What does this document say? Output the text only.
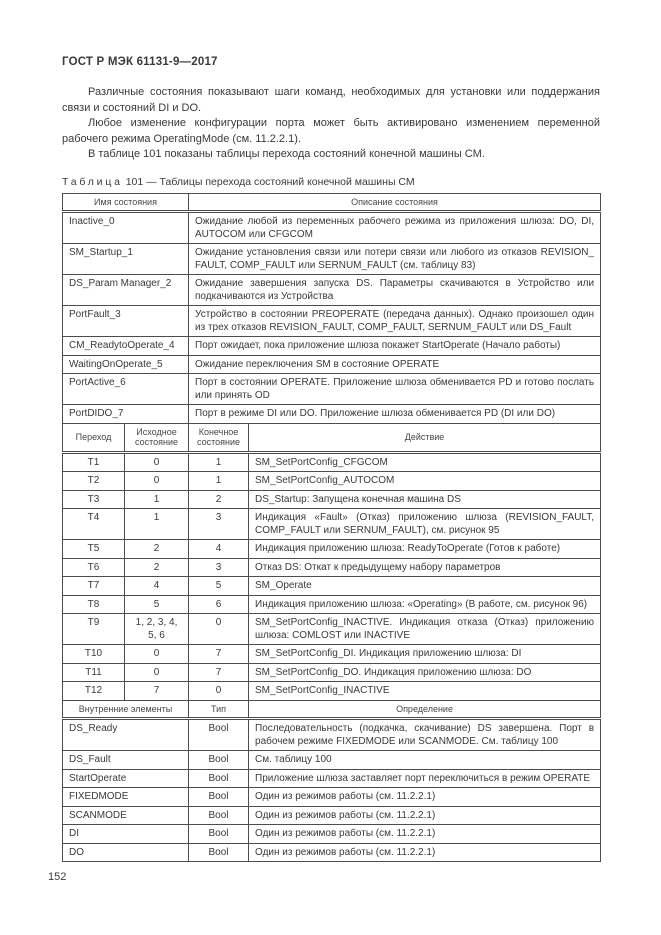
ГОСТ Р МЭК 61131-9—2017

Различные состояния показывают шаги команд, необходимых для установки или поддержания связи и состояний DI и DO.

Любое изменение конфигурации порта может быть активировано изменением переменной рабочего режима OperatingMode (см. 11.2.2.1).

В таблице 101 показаны таблицы перехода состояний конечной машины СМ.

Таблица 101 — Таблицы перехода состояний конечной машины СМ
Имя состояния		Описание состояния	
Inactive_0		Ожидание любой из переменных рабочего режима из приложения шлюза: DO, DI, AUTOCOM или CFGCOM	
SM_Startup_1		Ожидание установления связи или потери связи или любого из отказов REVISION_ FAULT, COMP_FAULT или SERNUM_FAULT (см. таблицу 83)	
DS_Param Manager_2		Ожидание завершения запуска DS. Параметры скачиваются в Устройство или подкачиваются из Устройства	
PortFault_3		Устройство в состоянии PREOPERATE (передача данных). Однако произошел один из трех отказов REVISION_FAULT, COMP_FAULT, SERNUM_FAULT или DS_Fault	
CM_ReadytoOperate_4		Порт ожидает, пока приложение шлюза покажет StartOperate (Начало работы)	
WaitingOnOperate_5		Ожидание переключения SM в состояние OPERATE	
PortActive_6		Порт в состоянии OPERATE. Приложение шлюза обменивается PD и готово послать или принять OD	
PortDIDO_7		Порт в режиме DI или DO. Приложение шлюза обменивается PD (DI или DO)	
Переход	Исходное состояние	Конечное состояние	Действие
T1	0	1	SM_SetPortConfig_CFGCOM
T2	0	1	SM_SetPortConfig_AUTOCOM
T3	1	2	DS_Startup: Запущена конечная машина DS
T4	1	3	Индикация «Fault» (Отказ) приложению шлюза (REVISION_FAULT, COMP_FAULT или SERNUM_FAULT), см. рисунок 95
T5	2	4	Индикация приложению шлюза: ReadyToOperate (Готов к работе)
T6	2	3	Отказ DS: Откат к предыдущему набору параметров
T7	4	5	SM_Operate
T8	5	6	Индикация приложению шлюза: «Operating» (В работе, см. рисунок 96)
T9	1, 2, 3, 4, 5, 6	0	SM_SetPortConfig_INACTIVE. Индикация отказа (Отказ) приложению шлюза: COMLOST или INACTIVE
T10	0	7	SM_SetPortConfig_DI. Индикация приложению шлюза: DI
T11	0	7	SM_SetPortConfig_DO. Индикация приложению шлюза: DO
T12	7	0	SM_SetPortConfig_INACTIVE
Внутренние элементы		Тип	Определение
DS_Ready		Bool	Последовательность (подкачка, скачивание) DS завершена. Порт в рабочем режиме FIXEDMODE или SCANMODE. См. таблицу 100
DS_Fault		Bool	См. таблицу 100
StartOperate		Bool	Приложение шлюза заставляет порт переключиться в режим OPERATE
FIXEDMODE		Bool	Один из режимов работы (см. 11.2.2.1)
SCANMODE		Bool	Один из режимов работы (см. 11.2.2.1)
DI		Bool	Один из режимов работы (см. 11.2.2.1)
DO		Bool	Один из режимов работы (см. 11.2.2.1)
152
